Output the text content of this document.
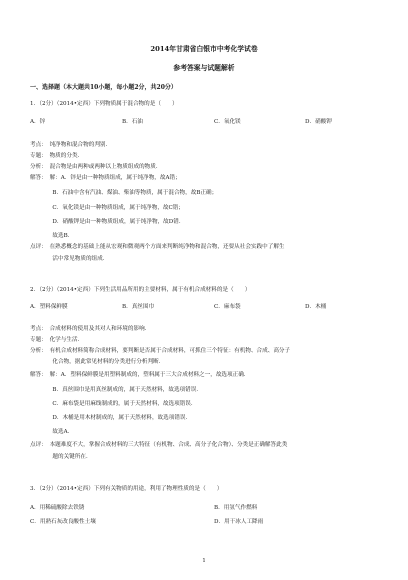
2014年甘肃省白银市中考化学试卷
参考答案与试题解析
一、选择题（本大题共10小题，每小题2分，共20分）
1．（2分）（2014•定西）下列物质属于混合物的是（　　）
A．锌	B．石油	C．氧化镁	D．硝酸钾
考点：　纯净物和混合物的判别．
专题：　物质的分类．
分析：　混合物是由两种或两种以上物质组成的物质．
解答：　解：A．锌是由一种物质组成，属于纯净物，故A错；
　　　　B．石油中含有汽油、煤油、柴油等物质，属于混合物，故B正确；
　　　　C．氧化镁是由一种物质组成，属于纯净物，故C错；
　　　　D．硝酸钾是由一种物质组成，属于纯净物，故D错．
　　　　故选B．
点评：　在熟悉概念的基础上能从宏观和微观两个方面来判断纯净物和混合物，还要从社会实践中了解生
　　　　活中常见物质的组成．
2．（2分）（2014•定西）下列生活用品所用的主要材料，属于有机合成材料的是（　　）
A．塑料保鲜膜	B．真丝围巾	C．麻布袋	D．木桶
考点：　合成材料的使用及其对人和环境的影响．
专题：　化学与生活．
分析：　有机合成材料简称合成材料，要判断是否属于合成材料，可抓住三个特征：有机物、合成、高分子
　　　　化合物，据此常见材料的分类进行分析判断．
解答：　解：A．塑料保鲜膜是用塑料制成的，塑料属于三大合成材料之一，故选项正确．
　　　　B．真丝围巾是用真丝制成的，属于天然材料，故选项错误．
　　　　C．麻布袋是用麻线制成的，属于天然材料，故选项错误．
　　　　D．木桶是用木材制成的，属于天然材料，故选项错误．
　　　　故选A．
点评：　本题难度不大，掌握合成材料的三大特征（有机物、合成、高分子化合物）、分类是正确解答此类
　　　　题的关键所在．
3．（2分）（2014•定西）下列有关物质的用途，利用了物理性质的是（　　）
A．用稀硫酸除去铁锈	B．用氢气作燃料
C．用熟石灰改良酸性土壤	D．用干冰人工降雨
1
